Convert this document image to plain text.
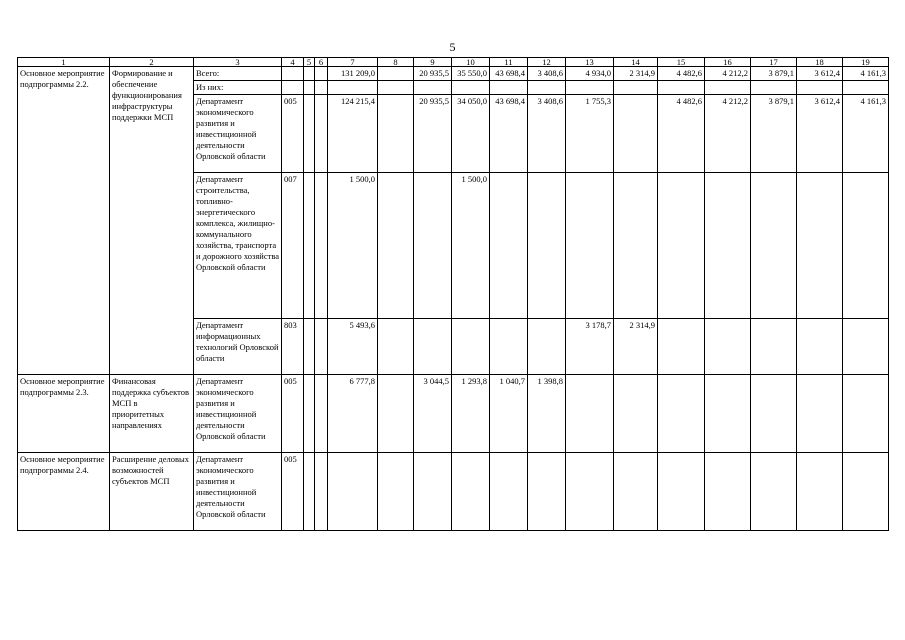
5
1	2	3	4	5	6	7	8	9	10	11	12	13	14	15	16	17	18	19
Основное мероприятие подпрограммы 2.2.	Формирование и обеспечение функционирования инфраструктуры поддержки МСП	Всего:				131 209,0		20 935,5	35 550,0	43 698,4	3 408,6	4 934,0	2 314,9	4 482,6	4 212,2	3 879,1	3 612,4	4 161,3
		Из них:																
		Департамент экономического развития и инвестиционной деятельности Орловской области	005			124 215,4		20 935,5	34 050,0	43 698,4	3 408,6	1 755,3		4 482,6	4 212,2	3 879,1	3 612,4	4 161,3
		Департамент строительства, топливно-энергетического комплекса, жилищно-коммунального хозяйства, транспорта и дорожного хозяйства Орловской области	007			1 500,0			1 500,0									
		Департамент информационных технологий Орловской области	803			5 493,6						3 178,7	2 314,9					
Основное мероприятие подпрограммы 2.3.	Финансовая поддержка субъектов МСП в приоритетных направлениях	Департамент экономического развития и инвестиционной деятельности Орловской области	005			6 777,8		3 044,5	1 293,8	1 040,7	1 398,8							
Основное мероприятие подпрограммы 2.4.	Расширение деловых возможностей субъектов МСП	Департамент экономического развития и инвестиционной деятельности Орловской области	005															
